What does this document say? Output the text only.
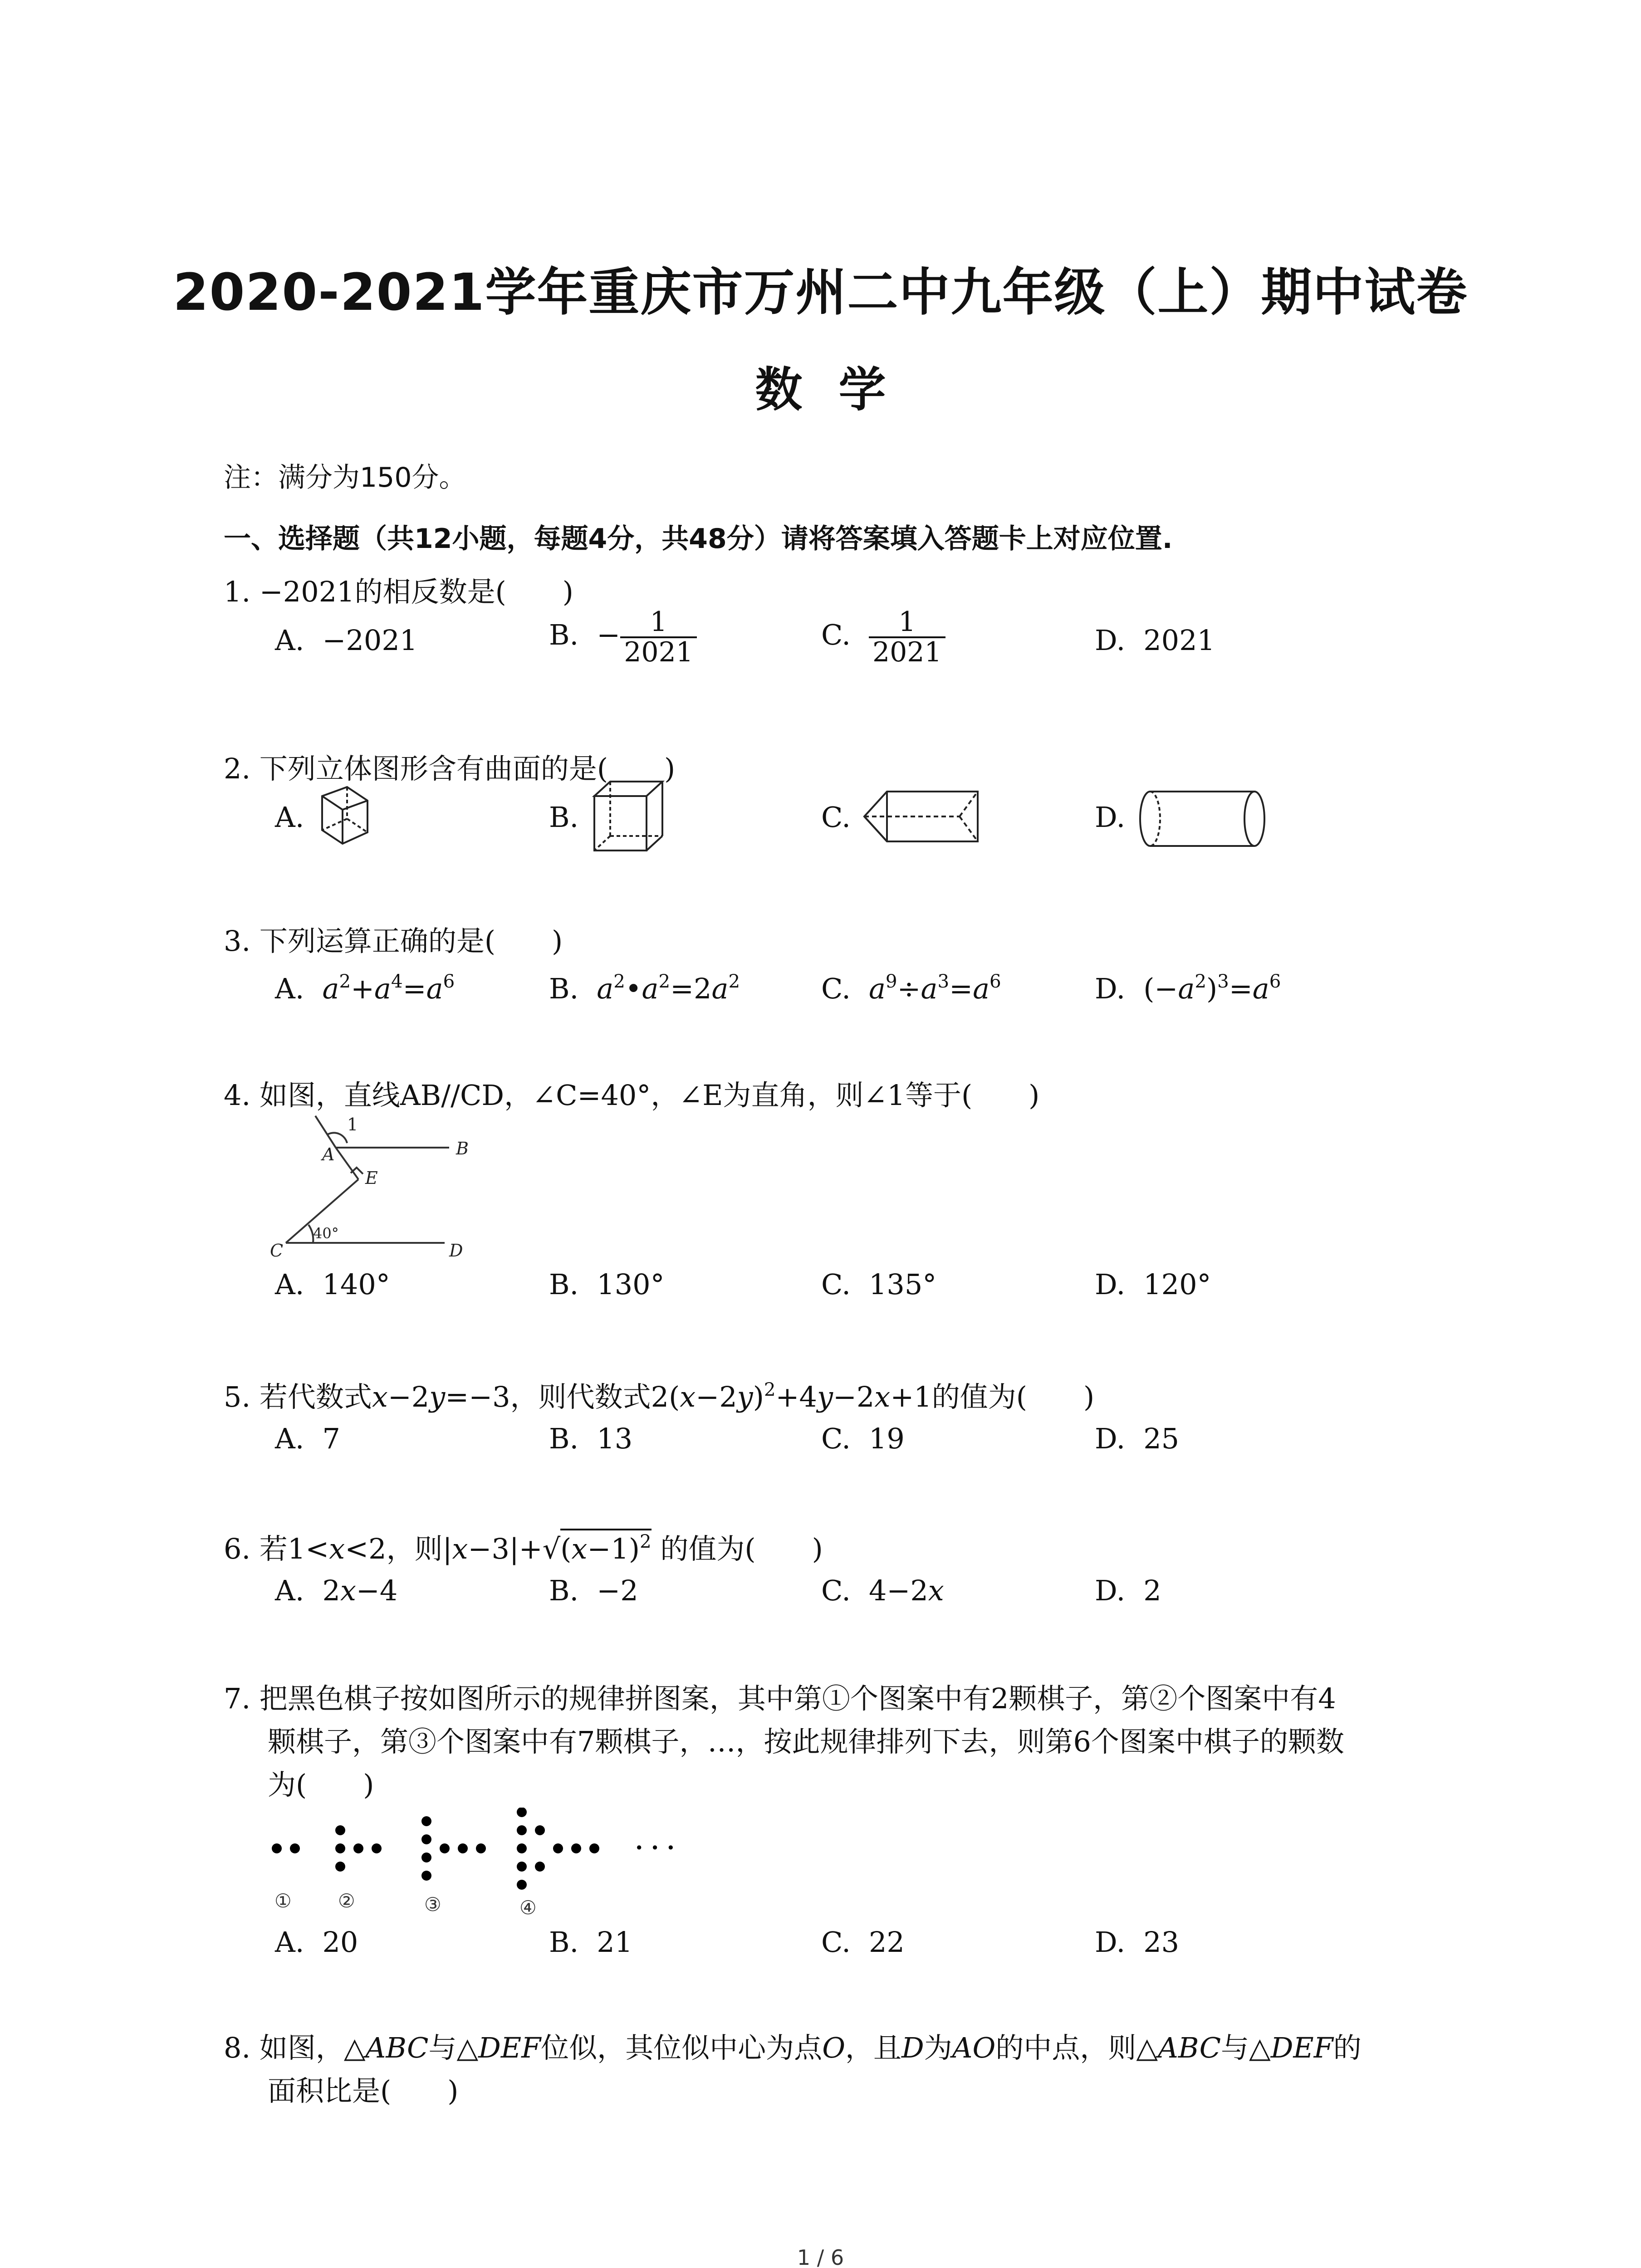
2020-2021学年重庆市万州二中九年级（上）期中试卷
数学
注：满分为150分。
一、选择题（共12小题，每题4分，共48分）请将答案填入答题卡上对应位置.
1. −2021的相反数是(　　)
A. −2021	B. − $\frac{1}{2021}$	C. $\frac{1}{2021}$	D. 2021
2. 下列立体图形含有曲面的是(　　)
A.	B.	C.	D.
3. 下列运算正确的是(　　)
A. $a^2+a^4=a^6$	B. $a^2•a^2=2a^2$	C. $a^9\div a^3=a^6$	D. $(-a^2)^3=a^6$
4. 如图，直线AB//CD，∠C=40°，∠E为直角，则∠1等于(　　)
1
A	B
E
C	D
40°
A. 140°	B. 130°	C. 135°	D. 120°
5. 若代数式x−2y=−3，则代数式$2(x-2y)^2+4y-2x+1$的值为(　　)
A. 7	B. 13	C. 19	D. 25
6. 若1<x<2，则$|x-3|+√(x-1)^2$ 的值为(　　)
A. 2x−4	B. −2	C. 4−2x	D. 2
7. 把黑色棋子按如图所示的规律拼图案，其中第①个图案中有2颗棋子，第②个图案中有4
颗棋子，第③个图案中有7颗棋子，…，按此规律排列下去，则第6个图案中棋子的颗数
为(　　)
① ②	③	④
· · ·
A. 20	B. 21	C. 22	D. 23
8. 如图，△ABC与△DEF位似，其位似中心为点O，且D为AO的中点，则△ABC与△DEF的
面积比是(　　)
1 / 6
